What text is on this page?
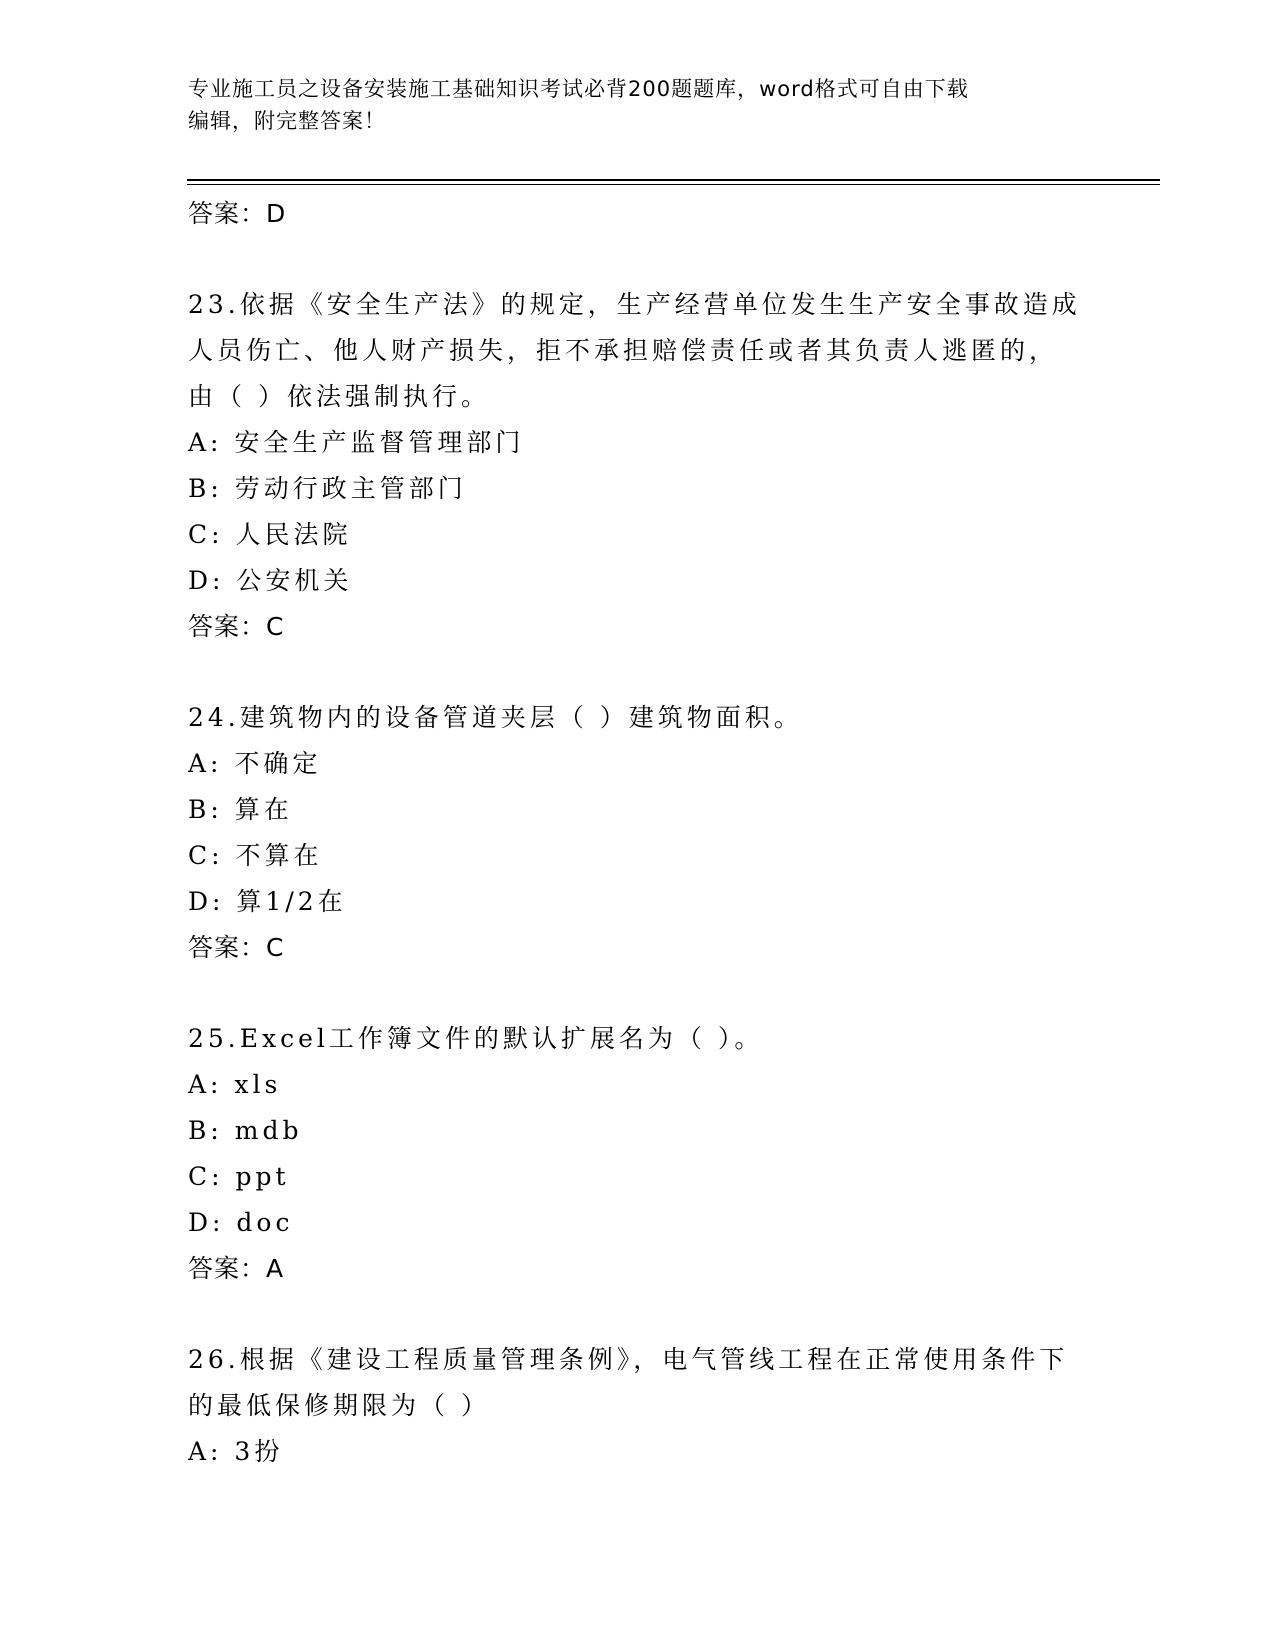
专业施工员之设备安装施工基础知识考试必背200题题库，word格式可自由下载
编辑，附完整答案！
答案：D
23.依据《安全生产法》的规定，生产经营单位发生生产安全事故造成
人员伤亡、他人财产损失，拒不承担赔偿责任或者其负责人逃匿的，
由（ ）依法强制执行。
A: 安全生产监督管理部门
B: 劳动行政主管部门
C: 人民法院
D: 公安机关
答案：C
24.建筑物内的设备管道夹层（ ）建筑物面积。
A: 不确定
B: 算在
C: 不算在
D: 算1/2在
答案：C
25.Excel工作簿文件的默认扩展名为（ ）。
A: xls
B: mdb
C: ppt
D: doc
答案：A
26.根据《建设工程质量管理条例》，电气管线工程在正常使用条件下
的最低保修期限为（ ）
A: 3扮
